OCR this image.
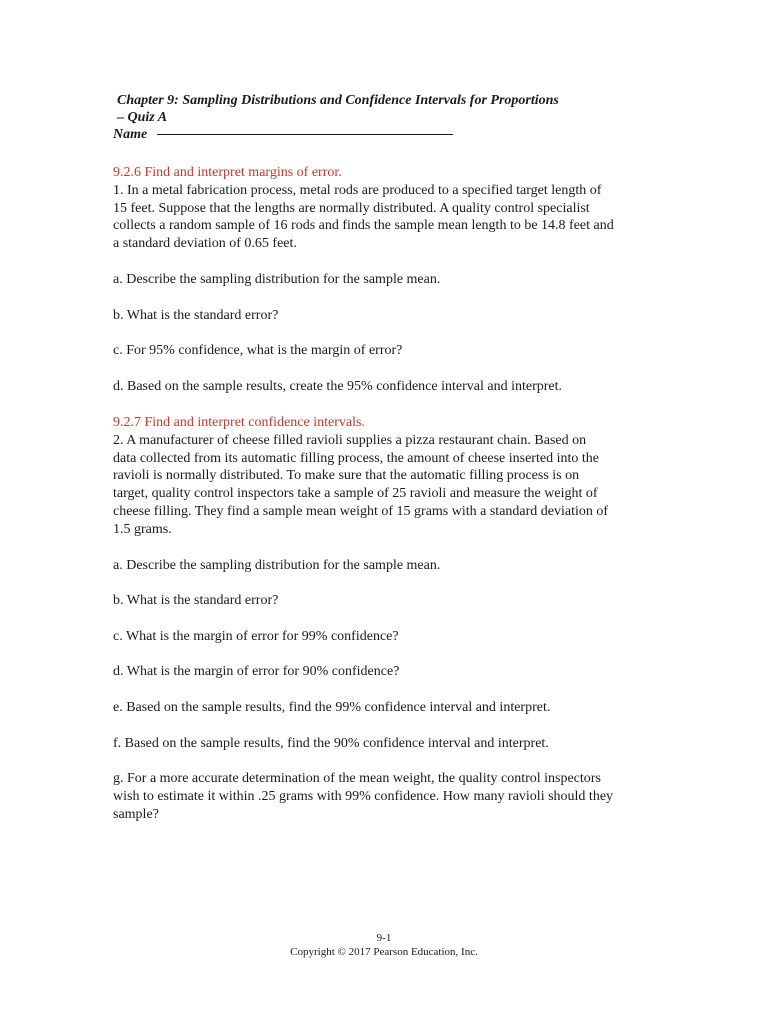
Chapter 9: Sampling Distributions and Confidence Intervals for Proportions
– Quiz A
Name
9.2.6 Find and interpret margins of error.
1. In a metal fabrication process, metal rods are produced to a specified target length of
15 feet. Suppose that the lengths are normally distributed. A quality control specialist
collects a random sample of 16 rods and finds the sample mean length to be 14.8 feet and
a standard deviation of 0.65 feet.
a. Describe the sampling distribution for the sample mean.
b. What is the standard error?
c. For 95% confidence, what is the margin of error?
d. Based on the sample results, create the 95% confidence interval and interpret.
9.2.7 Find and interpret confidence intervals.
2. A manufacturer of cheese filled ravioli supplies a pizza restaurant chain. Based on
data collected from its automatic filling process, the amount of cheese inserted into the
ravioli is normally distributed. To make sure that the automatic filling process is on
target, quality control inspectors take a sample of 25 ravioli and measure the weight of
cheese filling. They find a sample mean weight of 15 grams with a standard deviation of
1.5 grams.
a. Describe the sampling distribution for the sample mean.
b. What is the standard error?
c. What is the margin of error for 99% confidence?
d. What is the margin of error for 90% confidence?
e. Based on the sample results, find the 99% confidence interval and interpret.
f. Based on the sample results, find the 90% confidence interval and interpret.
g. For a more accurate determination of the mean weight, the quality control inspectors
wish to estimate it within .25 grams with 99% confidence. How many ravioli should they
sample?
9-1
Copyright © 2017 Pearson Education, Inc.
